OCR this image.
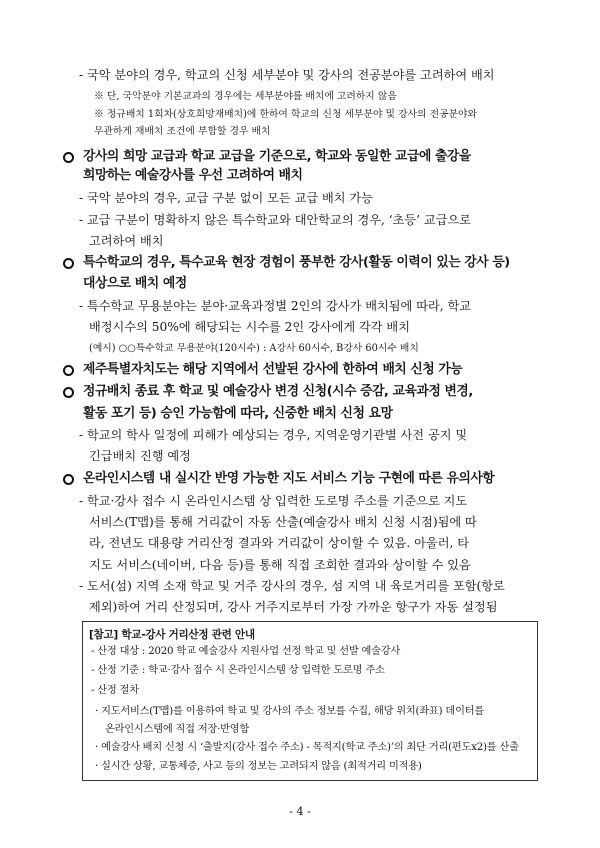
- 국악 분야의 경우, 학교의 신청 세부분야 및 강사의 전공분야를 고려하여 배치
※ 단, 국악분야 기본교과의 경우에는 세부분야를 배치에 고려하지 않음
※ 정규배치 1회차(상호희망재배치)에 한하여 학교의 신청 세부분야 및 강사의 전공분야와
무관하게 재배치 조건에 부합할 경우 배치
강사의 희망 교급과 학교 교급을 기준으로, 학교와 동일한 교급에 출강을
희망하는 예술강사를 우선 고려하여 배치
- 국악 분야의 경우, 교급 구분 없이 모든 교급 배치 가능
- 교급 구분이 명확하지 않은 특수학교와 대안학교의 경우, ‘초등’ 교급으로
고려하여 배치
특수학교의 경우, 특수교육 현장 경험이 풍부한 강사(활동 이력이 있는 강사 등)
대상으로 배치 예정
- 특수학교 무용분야는 분야·교육과정별 2인의 강사가 배치됨에 따라, 학교
배정시수의 50%에 해당되는 시수를 2인 강사에게 각각 배치
(예시) ○○특수학교 무용분야(120시수) : A강사 60시수, B강사 60시수 배치
제주특별자치도는 해당 지역에서 선발된 강사에 한하여 배치 신청 가능
정규배치 종료 후 학교 및 예술강사 변경 신청(시수 증감, 교육과정 변경,
활동 포기 등) 승인 가능함에 따라, 신중한 배치 신청 요망
- 학교의 학사 일정에 피해가 예상되는 경우, 지역운영기관별 사전 공지 및
긴급배치 진행 예정
온라인시스템 내 실시간 반영 가능한 지도 서비스 기능 구현에 따른 유의사항
- 학교·강사 접수 시 온라인시스템 상 입력한 도로명 주소를 기준으로 지도
서비스(T맵)를 통해 거리값이 자동 산출(예술강사 배치 신청 시점)됨에 따
라, 전년도 대용량 거리산정 결과와 거리값이 상이할 수 있음. 아울러, 타
지도 서비스(네이버, 다음 등)를 통해 직접 조회한 결과와 상이할 수 있음
- 도서(섬) 지역 소재 학교 및 거주 강사의 경우, 섬 지역 내 육로거리를 포함(항로
제외)하여 거리 산정되며, 강사 거주지로부터 가장 가까운 항구가 자동 설정됨
[참고] 학교-강사 거리산정 관련 안내
- 산정 대상 : 2020 학교 예술강사 지원사업 선정 학교 및 선발 예술강사
- 산정 기준 : 학교·강사 접수 시 온라인시스템 상 입력한 도로명 주소
- 산정 절차
· 지도서비스(T맵)를 이용하여 학교 및 강사의 주소 정보를 수집, 해당 위치(좌표) 데이터를
온라인시스템에 직접 저장·반영함
· 예술강사 배치 신청 시 ‘출발지(강사 접수 주소) - 목적지(학교 주소)’의 최단 거리(편도x2)를 산출
· 실시간 상황, 교통체증, 사고 등의 정보는 고려되지 않음 (최적거리 미적용)
- 4 -
